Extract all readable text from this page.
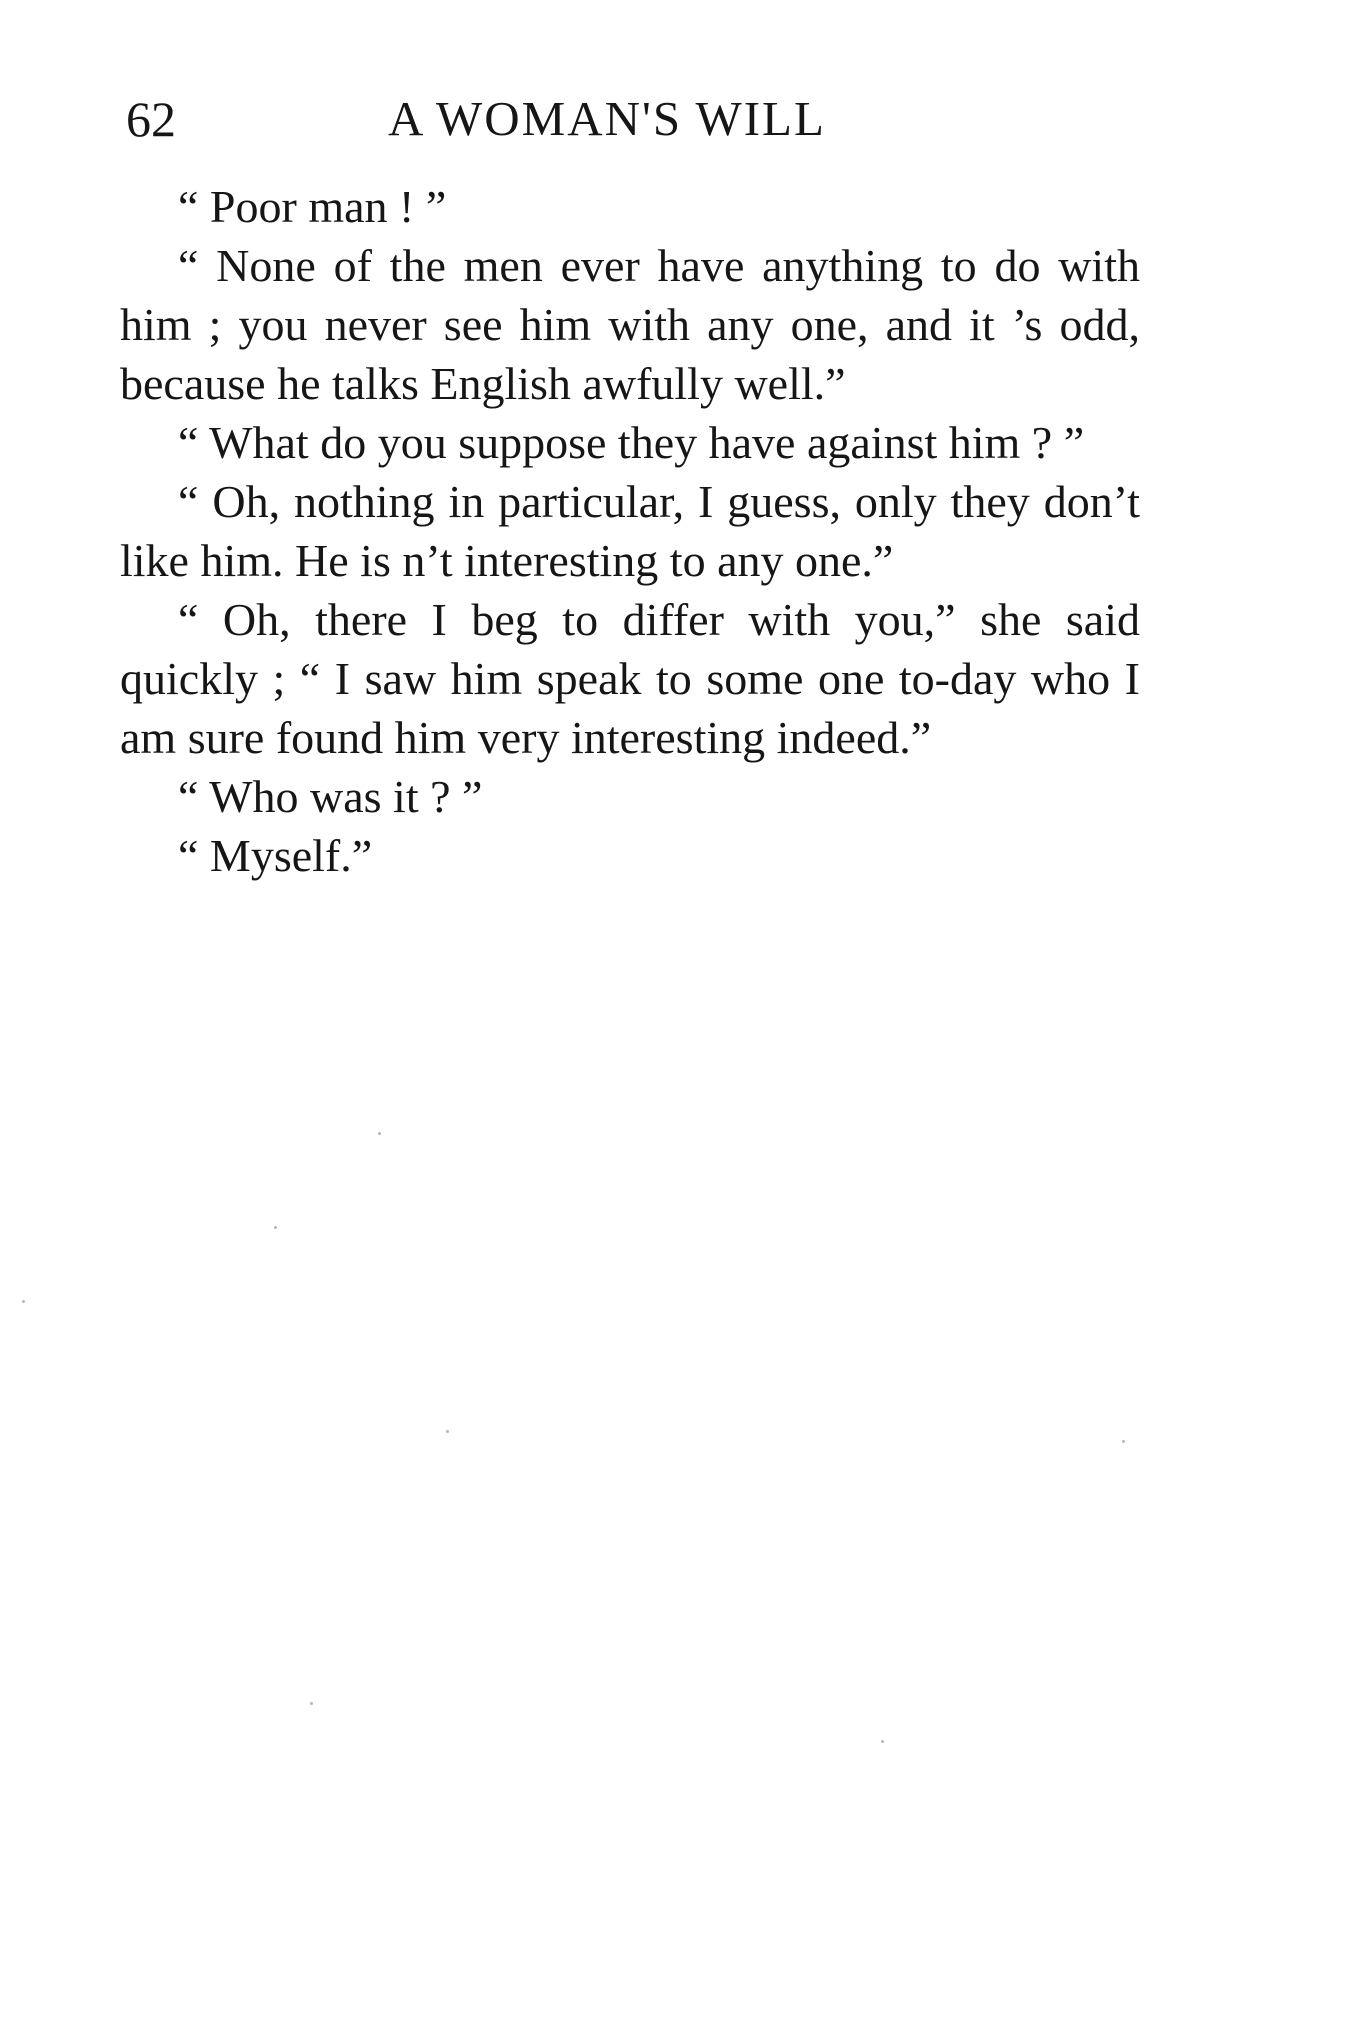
62	A WOMAN'S WILL

“ Poor man ! ”

“ None of the men ever have anything to do with him ; you never see him with any one, and it ’s odd, because he talks English awfully well.”

“ What do you suppose they have against him ? ”

“ Oh, nothing in particular, I guess, only they don’t like him. He is n’t interesting to any one.”

“ Oh, there I beg to differ with you,” she said quickly ; “ I saw him speak to some one to-day who I am sure found him very interesting indeed.”

“ Who was it ? ”

“ Myself.”
